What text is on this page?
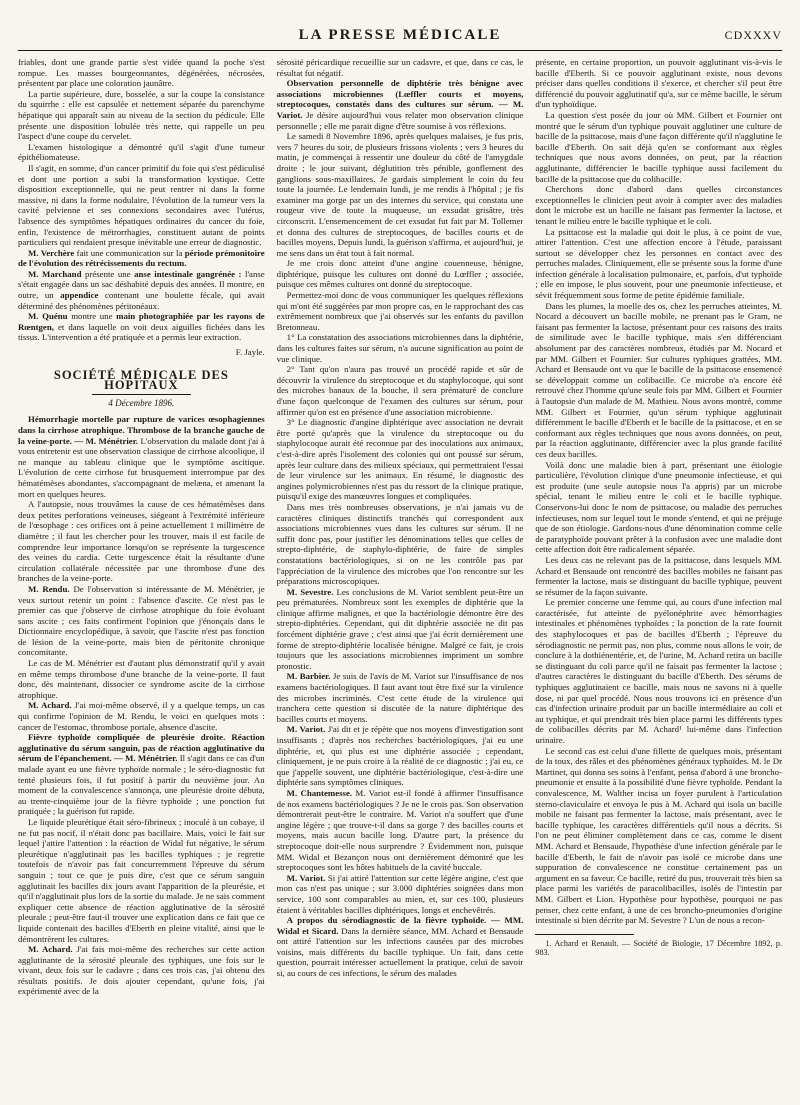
LA PRESSE MÉDICALE	CDXXXV

friables, dont une grande partie s'est vidée quand la poche s'est rompue. Les masses bourgeonnantes, dégénérées, nécrosées, présentent par place une coloration jaunâtre.

La partie supérieure, dure, bosselée, a sur la coupe la consistance du squirrhe : elle est capsulée et nettement séparée du parenchyme hépatique qui apparaît sain au niveau de la section du pédicule. Elle présente une disposition lobulée très nette, qui rappelle un peu l'aspect d'une coupe du cervelet.

L'examen histologique a démontré qu'il s'agit d'une tumeur épithéliomateuse.

Il s'agit, en somme, d'un cancer primitif du foie qui s'est pédiculisé et dont une portion a subi la transformation kystique. Cette disposition exceptionnelle, qui ne peut rentrer ni dans la forme massive, ni dans la forme nodulaire, l'évolution de la tumeur vers la cavité pelvienne et ses connexions secondaires avec l'utérus, l'absence des symptômes hépatiques ordinaires du cancer du foie, enfin, l'existence de métrorrhagies, constituent autant de points particuliers qui rendaient presque inévitable une erreur de diagnostic.

M. Verchère fait une communication sur la période prémonitoire de l'évolution des rétrécissements du rectum.

M. Marchand présente une anse intestinale gangrénée : l'anse s'était engagée dans un sac déshabité depuis des années. Il montre, en outre, un appendice contenant une boulette fécale, qui avait déterminé des phénomènes péritonéaux.

M. Quénu montre une main photographiée par les rayons de Rœntgen, et dans laquelle on voit deux aiguilles fichées dans les tissus. L'intervention a été pratiquée et a permis leur extraction.

F. Jayle.
SOCIÉTÉ MÉDICALE DES HOPITAUX
4 Décembre 1896.

Hémorrhagie mortelle par rupture de varices œsophagiennes dans la cirrhose atrophique. Thrombose de la branche gauche de la veine-porte. — M. Ménétrier. L'observation du malade dont j'ai à vous entretenir est une observation classique de cirrhose alcoolique, il ne manque au tableau clinique que le symptôme ascitique. L'évolution de cette cirrhose fut brusquement interrompue par des hématémèses abondantes, s'accompagnant de melæna, et amenant la mort en quelques heures.

A l'autopsie, nous trouvâmes la cause de ces hématémèses dans deux petites perforations veineuses, siégeant à l'extrémité inférieure de l'œsophage : ces orifices ont à peine actuellement 1 millimètre de diamètre ; il faut les chercher pour les trouver, mais il est facile de comprendre leur importance lorsqu'on se représente la turgescence des veines du cardia. Cette turgescence était la résultante d'une circulation collatérale nécessitée par une thrombose d'une des branches de la veine-porte.

M. Rendu. De l'observation si intéressante de M. Ménétrier, je veux surtout retenir un point : l'absence d'ascite. Ce n'est pas le premier cas que j'observe de cirrhose atrophique du foie évoluant sans ascite ; ces faits confirment l'opinion que j'énonçais dans le Dictionnaire encyclopédique, à savoir, que l'ascite n'est pas fonction de lésion de la veine-porte, mais bien de péritonite chronique concomitante.

Le cas de M. Ménétrier est d'autant plus démonstratif qu'il y avait en même temps thrombose d'une branche de la veine-porte. Il faut donc, dès maintenant, dissocier ce syndrome ascite de la cirrhose atrophique.

M. Achard. J'ai moi-même observé, il y a quelque temps, un cas qui confirme l'opinion de M. Rendu, le voici en quelques mots : cancer de l'estomac, thrombose portale, absence d'ascite.

Fièvre typhoïde compliquée de pleurésie droite. Réaction agglutinative du sérum sanguin, pas de réaction agglutinative du sérum de l'épanchement. — M. Ménétrier. Il s'agit dans ce cas d'un malade ayant eu une fièvre typhoïde normale ; le séro-diagnostic fut tenté plusieurs fois, il fut positif à partir du neuvième jour. Au moment de la convalescence s'annonça, une pleurésie droite débuta, au trente-cinquième jour de la fièvre typhoïde ; une ponction fut pratiquée ; la guérison fut rapide.

Le liquide pleurétique était séro-fibrineux ; inoculé à un cobaye, il ne fut pas nocif, il n'était donc pas bacillaire. Mais, voici le fait sur lequel j'attire l'attention : la réaction de Widal fut négative, le sérum pleurétique n'agglutinait pas les bacilles typhiques ; je regrette toutefois de n'avoir pas fait concurremment l'épreuve du sérum sanguin ; tout ce que je puis dire, c'est que ce sérum sanguin agglutinait les bacilles dix jours avant l'apparition de la pleurésie, et qu'il n'agglutinait plus lors de la sortie du malade. Je ne sais comment expliquer cette absence de réaction agglutinative de la sérosité pleurale ; peut-être faut-il trouver une explication dans ce fait que ce liquide contenait des bacilles d'Eberth en pleine vitalité, ainsi que le démontrèrent les cultures.

M. Achard. J'ai fais moi-même des recherches sur cette action agglutinante de la sérosité pleurale des typhiques, une fois sur le vivant, deux fois sur le cadavre ; dans ces trois cas, j'ai obtenu des résultats positifs. Je dois ajouter cependant, qu'une fois, j'ai expérimenté avec de la

sérosité péricardique recueillie sur un cadavre, et que, dans ce cas, le résultat fut négatif.

Observation personnelle de diphtérie très bénigne avec associations microbiennes (Lœffler courts et moyens, streptocoques, constatés dans des cultures sur sérum. — M. Variot. Je désire aujourd'hui vous relater mon observation clinique personnelle ; elle me parait digne d'être soumise à vos réflexions.

Le samedi 8 Novembre 1896, après quelques malaises, je fus pris, vers 7 heures du soir, de plusieurs frissons violents ; vers 3 heures du matin, je commençai à ressentir une douleur du côté de l'amygdale droite ; le jour suivant, déglutition très pénible, gonflement des ganglions sous-maxillaires. Je gardais simplement le coin du feu toute la journée. Le lendemain lundi, je me rendis à l'hôpital ; je fis examiner ma gorge par un des internes du service, qui constata une rougeur vive de toute la muqueuse, un exsudat grisâtre, très circonscrit. L'ensemencement de cet exsudat fut fait par M. Tollemer et donna des cultures de streptocoques, de bacilles courts et de bacilles moyens. Depuis lundi, la guérison s'affirma, et aujourd'hui, je me sens dans un état tout à fait normal.

Je me crois donc atteint d'une angine couenneuse, bénigne, diphtérique, puisque les cultures ont donné du Lœffler ; associée, puisque ces mêmes cultures ont donné du streptocoque.

Permettez-moi donc de vous communiquer les quelques réflexions qui m'ont été suggérées par mon propre cas, en le rapprochant des cas extrêmement nombreux que j'ai observés sur les enfants du pavillon Bretonneau.

1° La constatation des associations microbiennes dans la diphtérie, dans les cultures faites sur sérum, n'a aucune signification au point de vue clinique.

2° Tant qu'on n'aura pas trouvé un procédé rapide et sûr de découvrir la virulence du streptocoque et du staphylocoque, qui sont des microbes banaux de la bouche, il sera prématuré de conclure d'une façon quelconque de l'examen des cultures sur sérum, pour affirmer qu'on est en présence d'une association microbienne.

3° Le diagnostic d'angine diphtérique avec association ne devrait être porté qu'après que la virulence du streptocoque ou du staphylocoque aurait été reconnue par des inoculations aux animaux, c'est-à-dire après l'isolement des colonies qui ont poussé sur sérum, après leur culture dans des milieux spéciaux, qui permettraient l'essai de leur virulence sur les animaux. En résumé, le diagnostic des angines polymicrobiennes n'est pas du ressort de la clinique pratique, puisqu'il exige des manœuvres longues et compliquées.

Dans mes très nombreuses observations, je n'ai jamais vu de caractères cliniques distinctifs tranchés qui correspondent aux associations microbiennes vues dans les cultures sur sérum. Il ne suffit donc pas, pour justifier les dénominations telles que celles de strepto-diphtérie, de staphylo-diphtérie, de faire de simples constatations bactériologiques, si on ne les contrôle pas par l'appréciation de la virulence des microbes que l'on rencontre sur les préparations microscopiques.

M. Sevestre. Les conclusions de M. Variot semblent peut-être un peu prématurées. Nombreux sont les exemples de diphtérie que la clinique affirme malignes, et que la bactériologie démontre être des strepto-diphtéries. Cependant, qui dit diphtérie associée ne dit pas forcément diphtérie grave ; c'est ainsi que j'ai écrit dernièrement une forme de strepto-diphtérie localisée bénigne. Malgré ce fait, je crois toujours que les associations microbiennes impriment un sombre pronostic.

M. Barbier. Je suis de l'avis de M. Variot sur l'insuffisance de nos examens bactériologiques. Il faut avant tout être fixé sur la virulence des microbes incriminés. C'est cette étude de la virulence qui tranchera cette question si discutée de la nature diphtérique des bacilles courts et moyens.

M. Variot. J'ai dit et je répète que nos moyens d'investigation sont insuffisants ; d'après nos recherches bactériologiques, j'ai eu une diphtérie, et, qui plus est une diphtérie associée ; cependant, cliniquement, je ne puis croire à la réalité de ce diagnostic ; j'ai eu, ce que j'appelle souvent, une diphtérie bactériologique, c'est-à-dire une diphtérie sans symptômes cliniques.

M. Chantemesse. M. Variot est-il fondé à affirmer l'insuffisance de nos examens bactériologiques ? Je ne le crois pas. Son observation démontrerait peut-être le contraire. M. Variot n'a souffert que d'une angine légère ; que trouve-t-il dans sa gorge ? des bacilles courts et moyens, mais aucun bacille long. D'autre part, la présence du streptocoque doit-elle nous surprendre ? Évidemment non, puisque MM. Widal et Bezançon nous ont dernièrement démontré que les streptocoques sont les hôtes habituels de la cavité buccale.

M. Variot. Si j'ai attiré l'attention sur cette légère angine, c'est que mon cas n'est pas unique ; sur 3.000 diphtéries soignées dans mon service, 100 sont comparables au mien, et, sur ces 100, plusieurs étaient à véritables bacilles diphtériques, longs et enchevêtrés.

A propos du sérodiagnostic de la fièvre typhoïde. — MM. Widal et Sicard. Dans la dernière séance, MM. Achard et Bensaude ont attiré l'attention sur les infections causées par des microbes voisins, mais différents du bacille typhique. Un fait, dans cette question, pourrait intéresser actuellement la pratique, celui de savoir si, au cours de ces infections, le sérum des malades

présente, en certaine proportion, un pouvoir agglutinant vis-à-vis le bacille d'Eberth. Si ce pouvoir agglutinant existe, nous devons préciser dans quelles conditions il s'exerce, et chercher s'il peut être différencié du pouvoir agglutinatif qu'a, sur ce même bacille, le sérum d'un typhoïdique.

La question s'est posée du jour où MM. Gilbert et Fournier ont montré que le sérum d'un typhique pouvait agglutiner une culture de bacille de la psittacose, mais d'une façon différente qu'il n'agglutine le bacille d'Eberth. On sait déjà qu'en se conformant aux règles techniques que nous avons données, on peut, par la réaction agglutinante, différencier le bacille typhique aussi facilement du bacille de la psittacose que du colibacille.

Cherchons donc d'abord dans quelles circonstances exceptionnelles le clinicien peut avoir à compter avec des maladies dont le microbe est un bacille ne faisant pas fermenter la lactose, et tenant le milieu entre le bacille typhique et le coli.

La psittacose est la maladie qui doit le plus, à ce point de vue, attirer l'attention. C'est une affection encore à l'étude, paraissant surtout se développer chez les personnes en contact avec des perruches malades. Cliniquement, elle se présente sous la forme d'une infection générale à localisation pulmonaire, et, parfois, d'ut typhoïde ; elle en impose, le plus souvent, pour une pneumonie infectieuse, et sévit fréquemment sous forme de petite épidémie familiale.

Dans les plumes, la moelle des os, chez les perruches atteintes, M. Nocard a découvert un bacille mobile, ne prenant pas le Gram, ne faisant pas fermenter la lactose, présentant pour ces raisons des traits de similitude avec le bacille typhique, mais s'en différenciant absolument par des caractères nombreux, étudiés par M. Nocard et par MM. Gilbert et Fournier. Sur cultures typhiques grattées, MM. Achard et Bensaude ont vu que le bacille de la psittacose ensemencé se développait comme un colibacille. Ce microbe n'a encore été retrouvé chez l'homme qu'une seule fois par MM. Gilbert et Fournier à l'autopsie d'un malade de M. Mathieu. Nous avons montré, comme MM. Gilbert et Fournier, qu'un sérum typhique agglutinait différemment le bacille d'Eberth et le bacille de la psittacose, et en se conformant aux règles techniques que nous avons données, on peut, par la réaction agglutinante, différencier avec la plus grande facilité ces deux bacilles.

Voilà donc une maladie bien à part, présentant une étiologie particulière, l'évolution clinique d'une pneumonie infectieuse, et qui est produite (une seule autopsie nous l'a appris) par un microbe spécial, tenant le milieu entre le coli et le bacille typhique. Conservons-lui donc le nom de psittacose, ou maladie des perruches infectieuses, nom sur lequel tout le monde s'entend, et qui ne préjuge que de son étiologie. Gardons-nous d'une dénomination comme celle de paratyphoïde pouvant prêter à la confusion avec une maladie dont cette affection doit être radicalement séparée.

Les deux cas ne relevant pas de la psittacose, dans lesquels MM. Achard et Bensaude ont rencontré des bacilles mobiles ne faisant pas fermenter la lactose, mais se distinguant du bacille typhique, peuvent se résumer de la façon suivante.

Le premier concerne une femme qui, au cours d'une infection mal caractérisée, fut atteinte de pyélonéphrite avec hémorrhagies intestinales et phénomènes typhoïdes ; la ponction de la rate fournit des staphylocoques et pas de bacilles d'Eberth ; l'épreuve du sérodiagnostic ne permit pas, non plus, comme nous allons le voir, de conclure à la dothiénentérie, et, de l'urine, M. Achard retira un bacille se distinguant du coli parce qu'il ne faisait pas fermenter la lactose ; d'autres caractères le distinguant du bacille d'Eberth. Des sérums de typhiques agglutinaient ce bacille, mais nous ne savons ni à quelle dose, ni par quel procédé. Nous nous trouvons ici en présence d'un cas d'infection urinaire produit par un bacille intermédiaire au coli et au typhique, et qui prendrait très bien place parmi les différents types de colibacilles décrits par M. Achard¹ lui-même dans l'infection urinaire.

Le second cas est celui d'une fillette de quelques mois, présentant de la toux, des râles et des phénomènes généraux typhoïdes. M. le Dr Martinet, qui donna ses soins à l'enfant, pensa d'abord à une broncho-pneumonie et ensuite à la possibilité d'une fièvre typhoïde. Pendant la convalescence, M. Walther incisa un foyer purulent à l'articulation sterno-claviculaire et envoya le pus à M. Achard qui isola un bacille mobile ne faisant pas fermenter la lactose, mais présentant, avec le bacille typhique, les caractères différentiels qu'il nous a décrits. Si l'on ne peut éliminer complètement dans ce cas, comme le disent MM. Achard et Bensaude, l'hypothèse d'une infection générale par le bacille d'Eberth, le fait de n'avoir pas isolé ce microbe dans une suppuration de convalescence ne constitue certainement pas un argument en sa faveur. Ce bacille, retiré du pus, trouverait très bien sa place parmi les variétés de paracolibacilles, isolés de l'intestin par MM. Gilbert et Lion. Hypothèse pour hypothèse, pourquoi ne pas penser, chez cette enfant, à une de ces broncho-pneumonies d'origine intestinale si bien décrite par M. Sevestre ? L'un de nous a recon-

1. Achard et Renault. — Société de Biologie, 17 Décembre 1892, p. 983.
